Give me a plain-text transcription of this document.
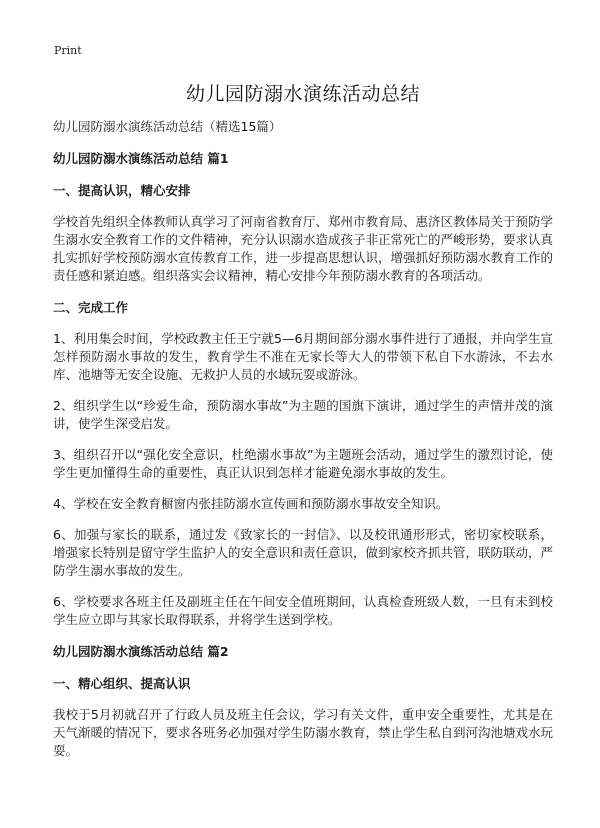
Print
幼儿园防溺水演练活动总结

幼儿园防溺水演练活动总结（精选15篇）

幼儿园防溺水演练活动总结 篇1

一、提高认识，精心安排

学校首先组织全体教师认真学习了河南省教育厅、郑州市教育局、惠济区教体局关于预防学生溺水安全教育工作的文件精神，充分认识溺水造成孩子非正常死亡的严峻形势，要求认真扎实抓好学校预防溺水宣传教育工作，进一步提高思想认识，增强抓好预防溺水教育工作的责任感和紧迫感。组织落实会议精神，精心安排今年预防溺水教育的各项活动。

二、完成工作

1、利用集会时间，学校政教主任王宁就5—6月期间部分溺水事件进行了通报，并向学生宣怎样预防溺水事故的发生，教育学生不准在无家长等大人的带领下私自下水游泳，不去水库、池塘等无安全设施、无救护人员的水域玩耍或游泳。

2、组织学生以“珍爱生命，预防溺水事故”为主题的国旗下演讲，通过学生的声情并茂的演讲，使学生深受启发。

3、组织召开以“强化安全意识，杜绝溺水事故”为主题班会活动，通过学生的激烈讨论，使学生更加懂得生命的重要性，真正认识到怎样才能避免溺水事故的发生。

4、学校在安全教育橱窗内张挂防溺水宣传画和预防溺水事故安全知识。

6、加强与家长的联系，通过发《致家长的一封信》、以及校讯通形形式，密切家校联系，增强家长特别是留守学生监护人的安全意识和责任意识，做到家校齐抓共管，联防联动，严防学生溺水事故的发生。

6、学校要求各班主任及副班主任在午间安全值班期间，认真检查班级人数，一旦有未到校学生应立即与其家长取得联系，并将学生送到学校。

幼儿园防溺水演练活动总结 篇2

一、精心组织、提高认识

我校于5月初就召开了行政人员及班主任会议，学习有关文件，重申安全重要性，尤其是在天气渐暖的情况下，要求各班务必加强对学生防溺水教育，禁止学生私自到河沟池塘戏水玩耍。
